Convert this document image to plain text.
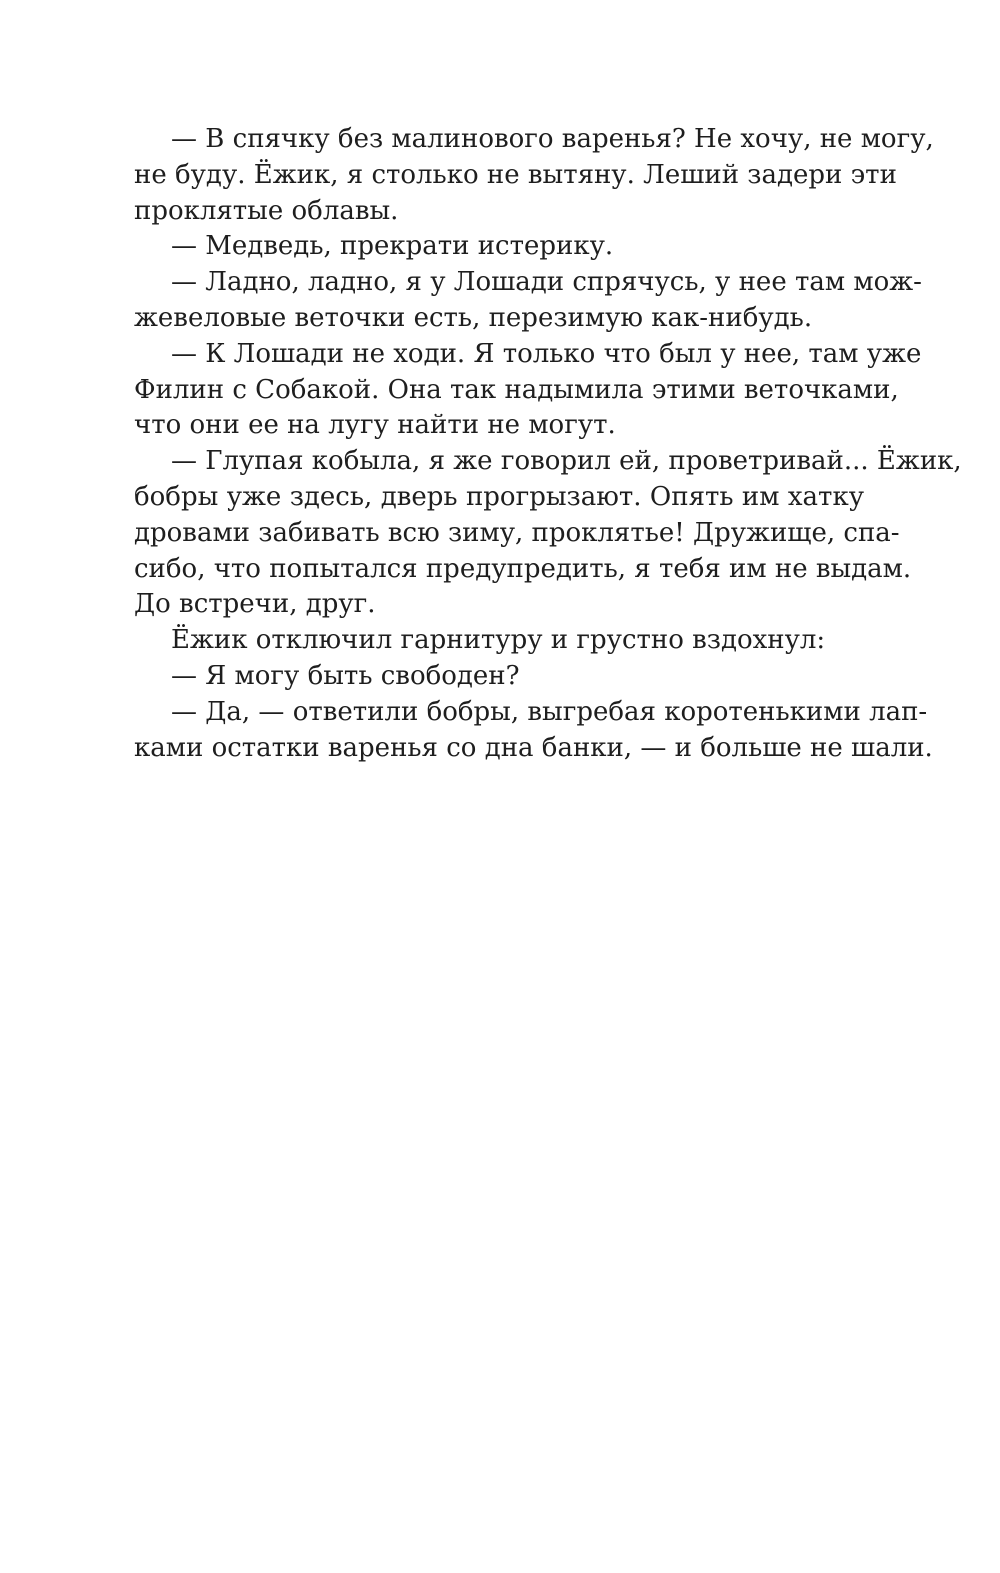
— В спячку без малинового варенья? Не хочу, не могу,
не буду. Ёжик, я столько не вытяну. Леший задери эти
проклятые облавы.

— Медведь, прекрати истерику.

— Ладно, ладно, я у Лошади спрячусь, у нее там мож-
жевеловые веточки есть, перезимую как-нибудь.

— К Лошади не ходи. Я только что был у нее, там уже
Филин с Собакой. Она так надымила этими веточками,
что они ее на лугу найти не могут.

— Глупая кобыла, я же говорил ей, проветривай... Ёжик,
бобры уже здесь, дверь прогрызают. Опять им хатку
дровами забивать всю зиму, проклятье! Дружище, спа-
сибо, что попытался предупредить, я тебя им не выдам.
До встречи, друг.

Ёжик отключил гарнитуру и грустно вздохнул:

— Я могу быть свободен?

— Да, — ответили бобры, выгребая коротенькими лап-
ками остатки варенья со дна банки, — и больше не шали.
